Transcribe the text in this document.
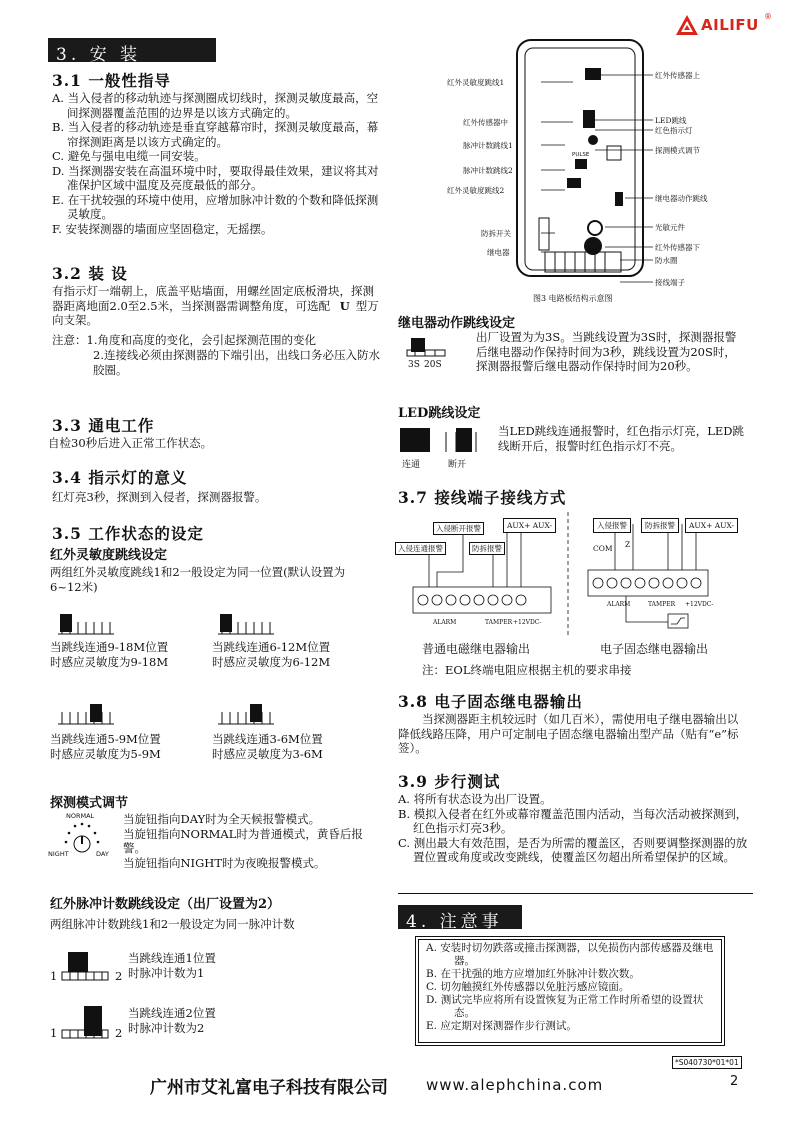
AILIFU ®
3. 安 装
3.1 一般性指导

A. 当入侵者的移动轨迹与探测圈成切线时，探测灵敏度最高，空间探测器覆盖范围的边界是以该方式确定的。

B. 当入侵者的移动轨迹是垂直穿越幕帘时，探测灵敏度最高，幕帘探测距离是以该方式确定的。

C. 避免与强电电缆一同安装。

D. 当探测器安装在高温环境中时，要取得最佳效果，建议将其对准保护区域中温度及亮度最低的部分。

E. 在干扰较强的环境中使用，应增加脉冲计数的个数和降低探测灵敏度。

F. 安装探测器的墙面应坚固稳定，无摇摆。

3.2 装 设
有指示灯一端朝上，底盖平贴墙面，用螺丝固定底板滑块，探测器距离地面2.0至2.5米，当探测器需调整角度，可选配 U 型万向支架。
注意：1.角度和高度的变化，会引起探测范围的变化
2.连接线必须由探测器的下端引出，出线口务必压入防水胶圈。
3.3 通电工作
自检30秒后进入正常工作状态。
3.4 指示灯的意义
红灯亮3秒，探测到入侵者，探测器报警。
3.5 工作状态的设定
红外灵敏度跳线设定
两组红外灵敏度跳线1和2一般设定为同一位置(默认设置为6~12米)
当跳线连通9-18M位置时感应灵敏度为9-18M
当跳线连通6-12M位置时感应灵敏度为6-12M
当跳线连通5-9M位置时感应灵敏度为5-9M
当跳线连通3-6M位置时感应灵敏度为3-6M
探测模式调节
NORMAL
NIGHT	DAY

当旋钮指向DAY时为全天候报警模式。

当旋钮指向NORMAL时为普通模式，黄昏后报警。

当旋钮指向NIGHT时为夜晚报警模式。

红外脉冲计数跳线设定（出厂设置为2）
两组脉冲计数跳线1和2一般设定为同一脉冲计数
1	2
当跳线连通1位置时脉冲计数为1
1	2
当跳线连通2位置时脉冲计数为2
PULSE
红外灵敏度跳线1
红外传感器中
脉冲计数跳线1
脉冲计数跳线2
红外灵敏度跳线2
防拆开关
继电器
红外传感器上
LED跳线
红色指示灯
探测模式调节
继电器动作跳线
光敏元件
红外传感器下
防水圈
接线端子
图3 电路板结构示意图
继电器动作跳线设定
3S 20S
出厂设置为为3S。当跳线设置为3S时，探测器报警后继电器动作保持时间为3秒，跳线设置为20S时，探测器报警后继电器动作保持时间为20秒。
LED跳线设定
连通	断开
当LED跳线连通报警时，红色指示灯亮，LED跳线断开后，报警时红色指示灯不亮。
3.7 接线端子接线方式
入侵断开报警
入侵连通报警	防拆报警
AUX+ AUX-
ALARM	TAMPER +12VDC-
入侵报警	防拆报警	AUX+ AUX-
COM Z
ALARM	TAMPER +12VDC-
普通电磁继电器输出	电子固态继电器输出
注：EOL终端电阻应根据主机的要求串接
3.8 电子固态继电器输出
当探测器距主机较远时（如几百米），需使用电子继电器输出以降低线路压降，用户可定制电子固态继电器输出型产品（贴有“e”标签）。
3.9 步行测试

A. 将所有状态设为出厂设置。

B. 模拟入侵者在红外或幕帘覆盖范围内活动，当每次活动被探测到，红色指示灯亮3秒。

C. 测出最大有效范围，是否为所需的覆盖区，否则要调整探测器的放置位置或角度或改变跳线，使覆盖区勿超出所希望保护的区域。

4. 注意事项 A. 安装时切勿跌落或撞击探测器，以免损伤内部传感器及继电器。

B. 在干扰强的地方应增加红外脉冲计数次数。

C. 切勿触摸红外传感器以免脏污感应镜面。

D. 测试完毕应将所有设置恢复为正常工作时所希望的设置状态。

E. 应定期对探测器作步行测试。

*S040730*01*01
广州市艾礼富电子科技有限公司	www.alephchina.com	2
